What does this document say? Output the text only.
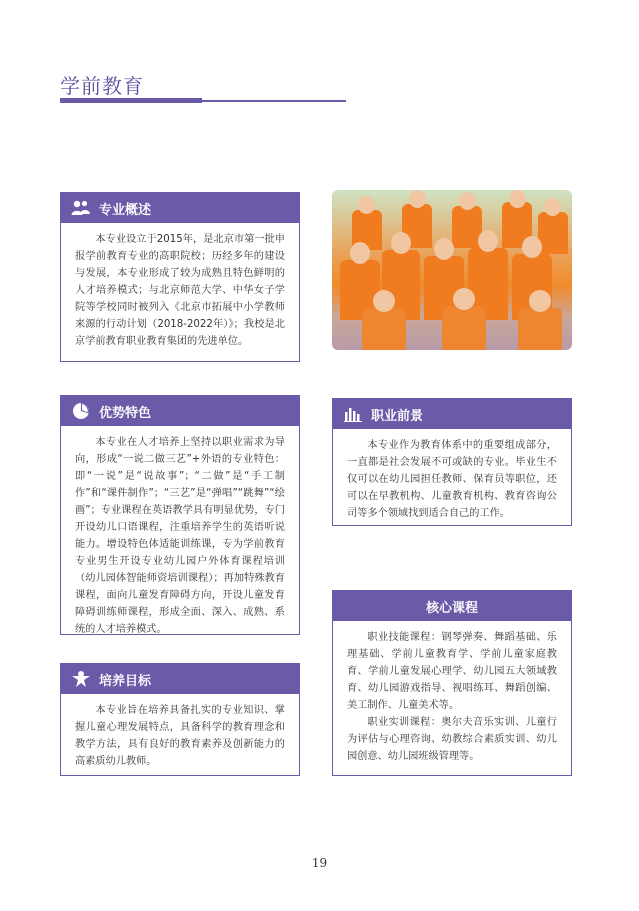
学前教育
专业概述

本专业设立于2015年，是北京市第一批申报学前教育专业的高职院校；历经多年的建设与发展，本专业形成了较为成熟且特色鲜明的人才培养模式；与北京师范大学、中华女子学院等学校同时被列入《北京市拓展中小学教师来源的行动计划（2018-2022年）》；我校是北京学前教育职业教育集团的先进单位。

优势特色

本专业在人才培养上坚持以职业需求为导向，形成“一说二做三艺”+外语的专业特色：即“一说”是“说故事”；“二做”是“手工制作”和“课件制作”；“三艺”是“弹唱”“跳舞”“绘画”；专业课程在英语教学具有明显优势，专门开设幼儿口语课程，注重培养学生的英语听说能力。增设特色体适能训练课，专为学前教育专业男生开设专业幼儿园户外体育课程培训（幼儿园体智能师资培训课程）；再加特殊教育课程，面向儿童发育障碍方向，开设儿童发育障碍训练师课程，形成全面、深入、成熟、系统的人才培养模式。

培养目标

本专业旨在培养具备扎实的专业知识、掌握儿童心理发展特点，具备科学的教育理念和教学方法，具有良好的教育素养及创新能力的高素质幼儿教师。

职业前景

本专业作为教育体系中的重要组成部分，一直都是社会发展不可或缺的专业。毕业生不仅可以在幼儿园担任教师、保育员等职位，还可以在早教机构、儿童教育机构、教育咨询公司等多个领域找到适合自己的工作。

核心课程

职业技能课程：钢琴弹奏、舞蹈基础、乐理基础、学前儿童教育学、学前儿童家庭教育、学前儿童发展心理学、幼儿园五大领域教育、幼儿园游戏指导、视唱练耳、舞蹈创编、美工制作、儿童美术等。

职业实训课程：奥尔夫音乐实训、儿童行为评估与心理咨询、幼教综合素质实训、幼儿园创意、幼儿园班级管理等。

19
